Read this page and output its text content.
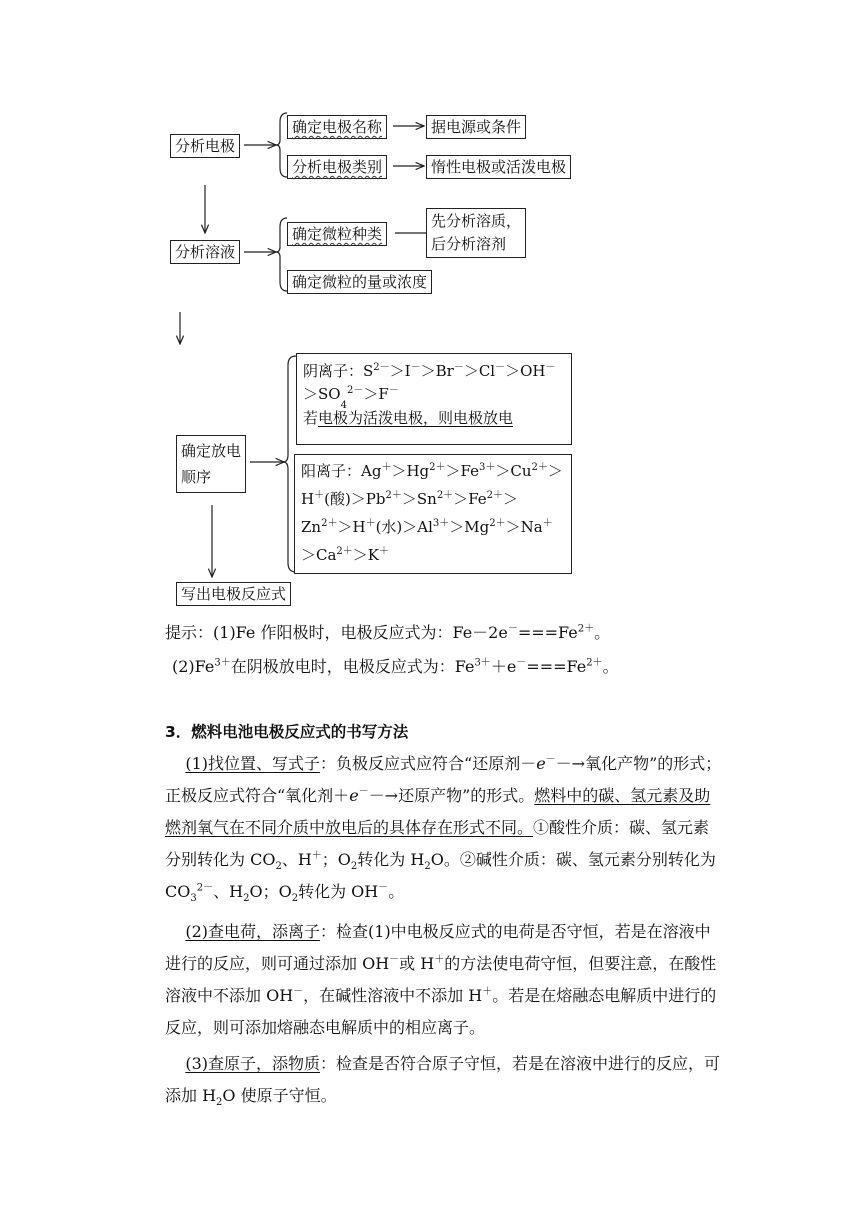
分析电极
确定电极名称	据电源或条件
分析电极类别	惰性电极或活泼电极
分析溶液
确定微粒种类
先分析溶质，
后分析溶剂
确定微粒的量或浓度
确定放电
顺序
阴离子：$S^{2-}>I^->Br^->Cl^->OH^-$
$>SO_4^{2-}>F^-$
若电极为活泼电极，则电极放电
阳离子：$Ag^+>Hg^{2+}>Fe^{3+}>Cu^{2+}>$
H＋(酸)$>Pb^{2+}>Sn^{2+}>Fe^{2+}>$
$Zn^{2+}>H^+$(水)$>Al^{3+}>Mg^{2+}>Na^+$
$>Ca^{2+}>K^+$
写出电极反应式
提示：(1)Fe 作阳极时，电极反应式为：$Fe-2e^-===Fe^{2+}$。
$(2)Fe^{3+}$在阴极放电时，电极反应式为：$Fe^{3+}+e^-===Fe^{2+}$。
3．燃料电池电极反应式的书写方法
(1)找位置、写式子：负极反应式应符合“还原剂－e－－→氧化产物”的形式；正极反应式符合“氧化剂＋e－－→还原产物”的形式。燃料中的碳、氢元素及助燃剂氧气在不同介质中放电后的具体存在形式不同。①酸性介质：碳、氢元素分别转化为 $CO_2$、H＋；$O_2$转化为 $H_2O$。②碱性介质：碳、氢元素分别转化为 $CO_3^{2-}$、$H_2O$；$O_2$转化为 OH－。
(2)查电荷，添离子：检查(1)中电极反应式的电荷是否守恒，若是在溶液中进行的反应，则可通过添加 OH－或 H＋的方法使电荷守恒，但要注意，在酸性溶液中不添加 OH－，在碱性溶液中不添加 H＋。若是在熔融态电解质中进行的反应，则可添加熔融态电解质中的相应离子。
(3)查原子，添物质：检查是否符合原子守恒，若是在溶液中进行的反应，可添加 $H_2O$ 使原子守恒。
